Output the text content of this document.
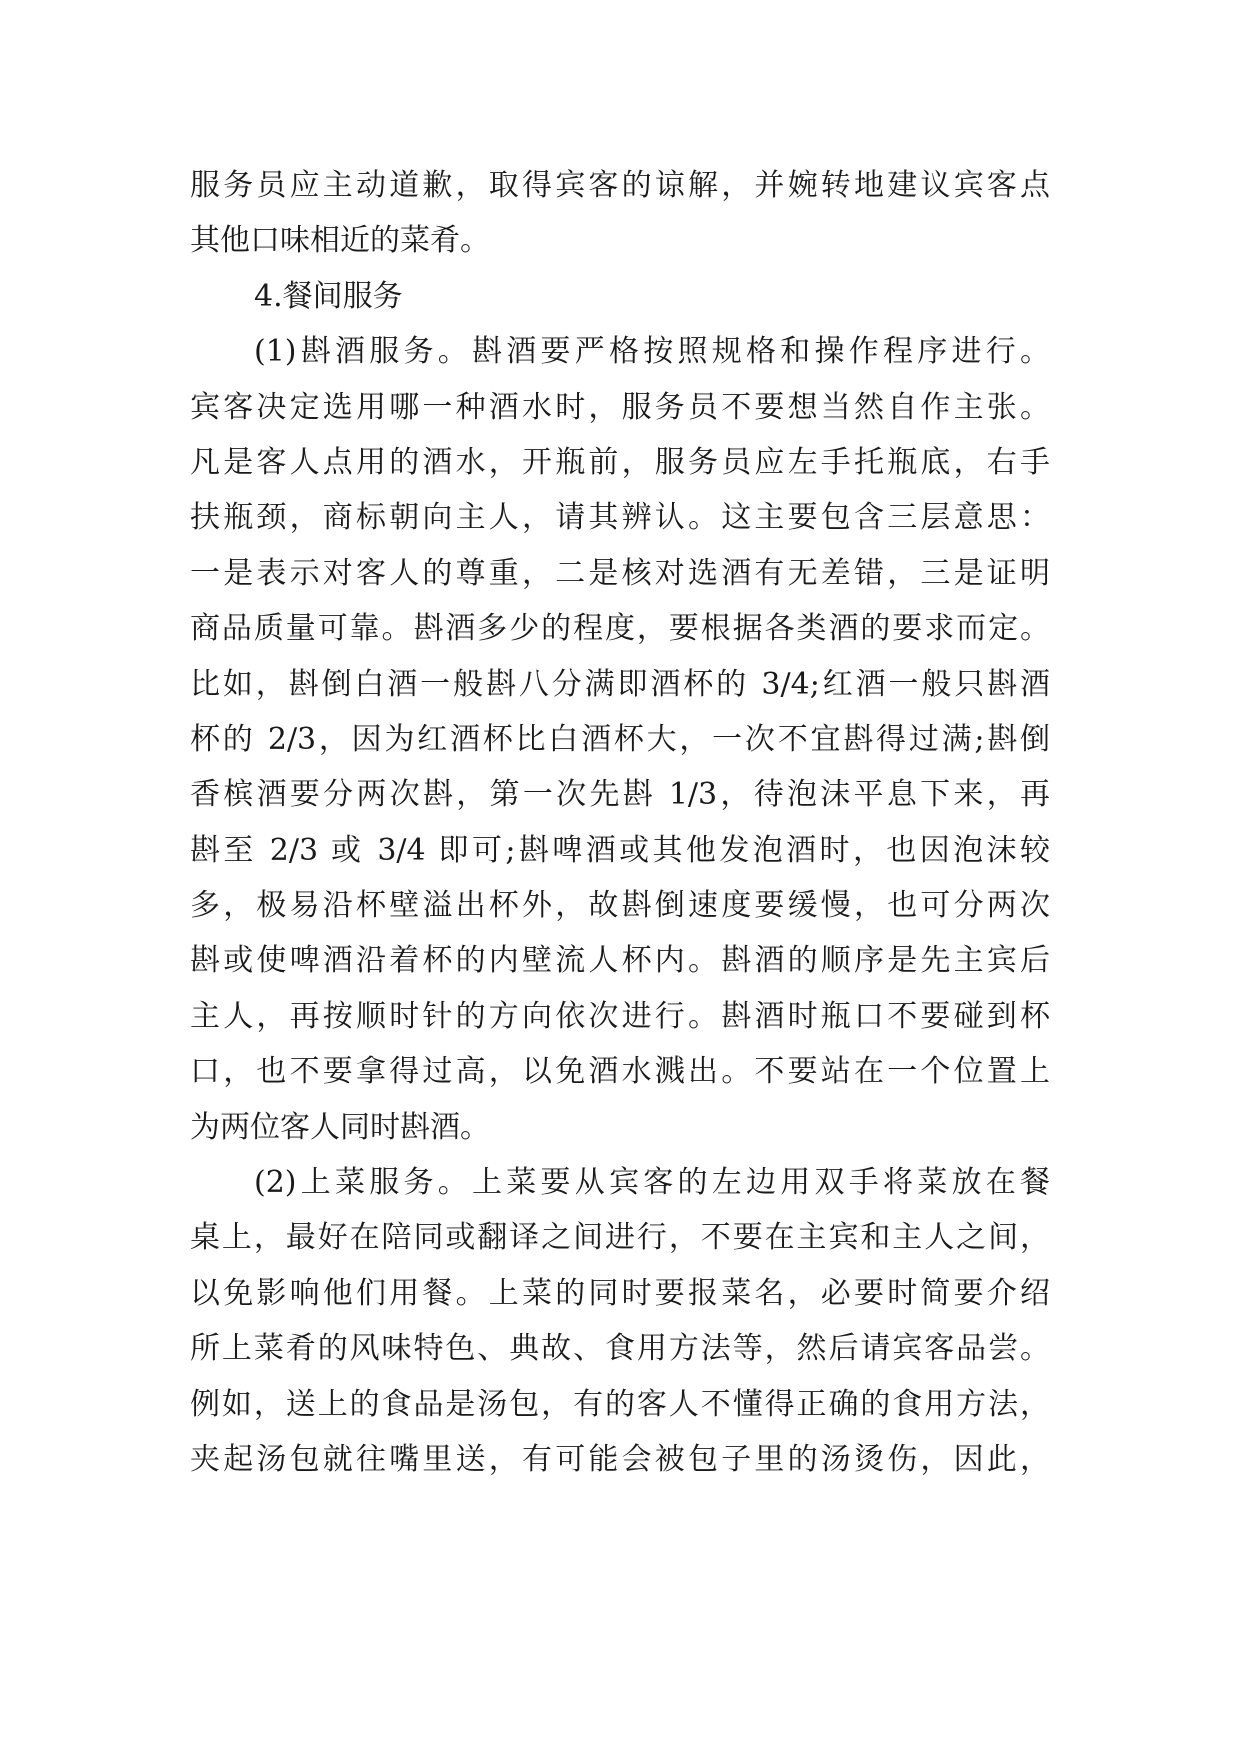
服务员应主动道歉，取得宾客的谅解，并婉转地建议宾客点
其他口味相近的菜肴。
4.餐间服务
(1)斟酒服务。斟酒要严格按照规格和操作程序进行。
宾客决定选用哪一种酒水时，服务员不要想当然自作主张。
凡是客人点用的酒水，开瓶前，服务员应左手托瓶底，右手
扶瓶颈，商标朝向主人，请其辨认。这主要包含三层意思：
一是表示对客人的尊重，二是核对选酒有无差错，三是证明
商品质量可靠。斟酒多少的程度，要根据各类酒的要求而定。
比如，斟倒白酒一般斟八分满即酒杯的 3/4;红酒一般只斟酒
杯的 2/3，因为红酒杯比白酒杯大，一次不宜斟得过满;斟倒
香槟酒要分两次斟，第一次先斟 1/3，待泡沫平息下来，再
斟至 2/3 或 3/4 即可;斟啤酒或其他发泡酒时，也因泡沫较
多，极易沿杯壁溢出杯外，故斟倒速度要缓慢，也可分两次
斟或使啤酒沿着杯的内壁流人杯内。斟酒的顺序是先主宾后
主人，再按顺时针的方向依次进行。斟酒时瓶口不要碰到杯
口，也不要拿得过高，以免酒水溅出。不要站在一个位置上
为两位客人同时斟酒。
(2)上菜服务。上菜要从宾客的左边用双手将菜放在餐
桌上，最好在陪同或翻译之间进行，不要在主宾和主人之间，
以免影响他们用餐。上菜的同时要报菜名，必要时简要介绍
所上菜肴的风味特色、典故、食用方法等，然后请宾客品尝。
例如，送上的食品是汤包，有的客人不懂得正确的食用方法，
夹起汤包就往嘴里送，有可能会被包子里的汤烫伤，因此，
